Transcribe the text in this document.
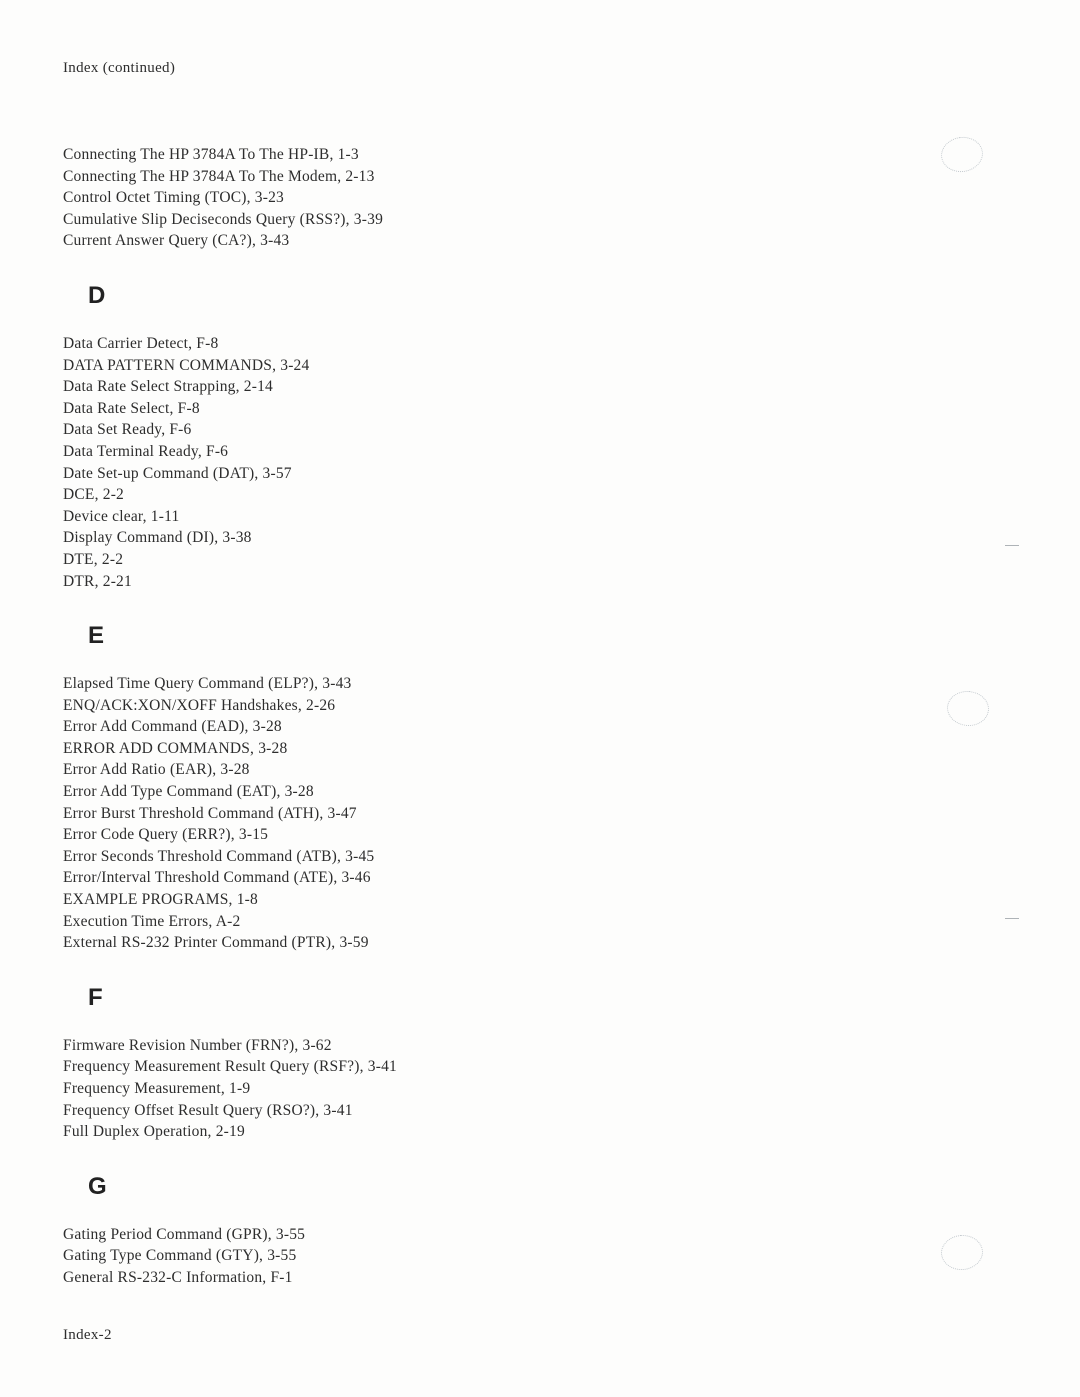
Index (continued)
Connecting The HP 3784A To The HP-IB, 1-3
Connecting The HP 3784A To The Modem, 2-13
Control Octet Timing (TOC), 3-23
Cumulative Slip Deciseconds Query (RSS?), 3-39
Current Answer Query (CA?), 3-43
D
Data Carrier Detect, F-8
DATA PATTERN COMMANDS, 3-24
Data Rate Select Strapping, 2-14
Data Rate Select, F-8
Data Set Ready, F-6
Data Terminal Ready, F-6
Date Set-up Command (DAT), 3-57
DCE, 2-2
Device clear, 1-11
Display Command (DI), 3-38
DTE, 2-2
DTR, 2-21
E
Elapsed Time Query Command (ELP?), 3-43
ENQ/ACK:XON/XOFF Handshakes, 2-26
Error Add Command (EAD), 3-28
ERROR ADD COMMANDS, 3-28
Error Add Ratio (EAR), 3-28
Error Add Type Command (EAT), 3-28
Error Burst Threshold Command (ATH), 3-47
Error Code Query (ERR?), 3-15
Error Seconds Threshold Command (ATB), 3-45
Error/Interval Threshold Command (ATE), 3-46
EXAMPLE PROGRAMS, 1-8
Execution Time Errors, A-2
External RS-232 Printer Command (PTR), 3-59
F
Firmware Revision Number (FRN?), 3-62
Frequency Measurement Result Query (RSF?), 3-41
Frequency Measurement, 1-9
Frequency Offset Result Query (RSO?), 3-41
Full Duplex Operation, 2-19
G
Gating Period Command (GPR), 3-55
Gating Type Command (GTY), 3-55
General RS-232-C Information, F-1
Index-2
